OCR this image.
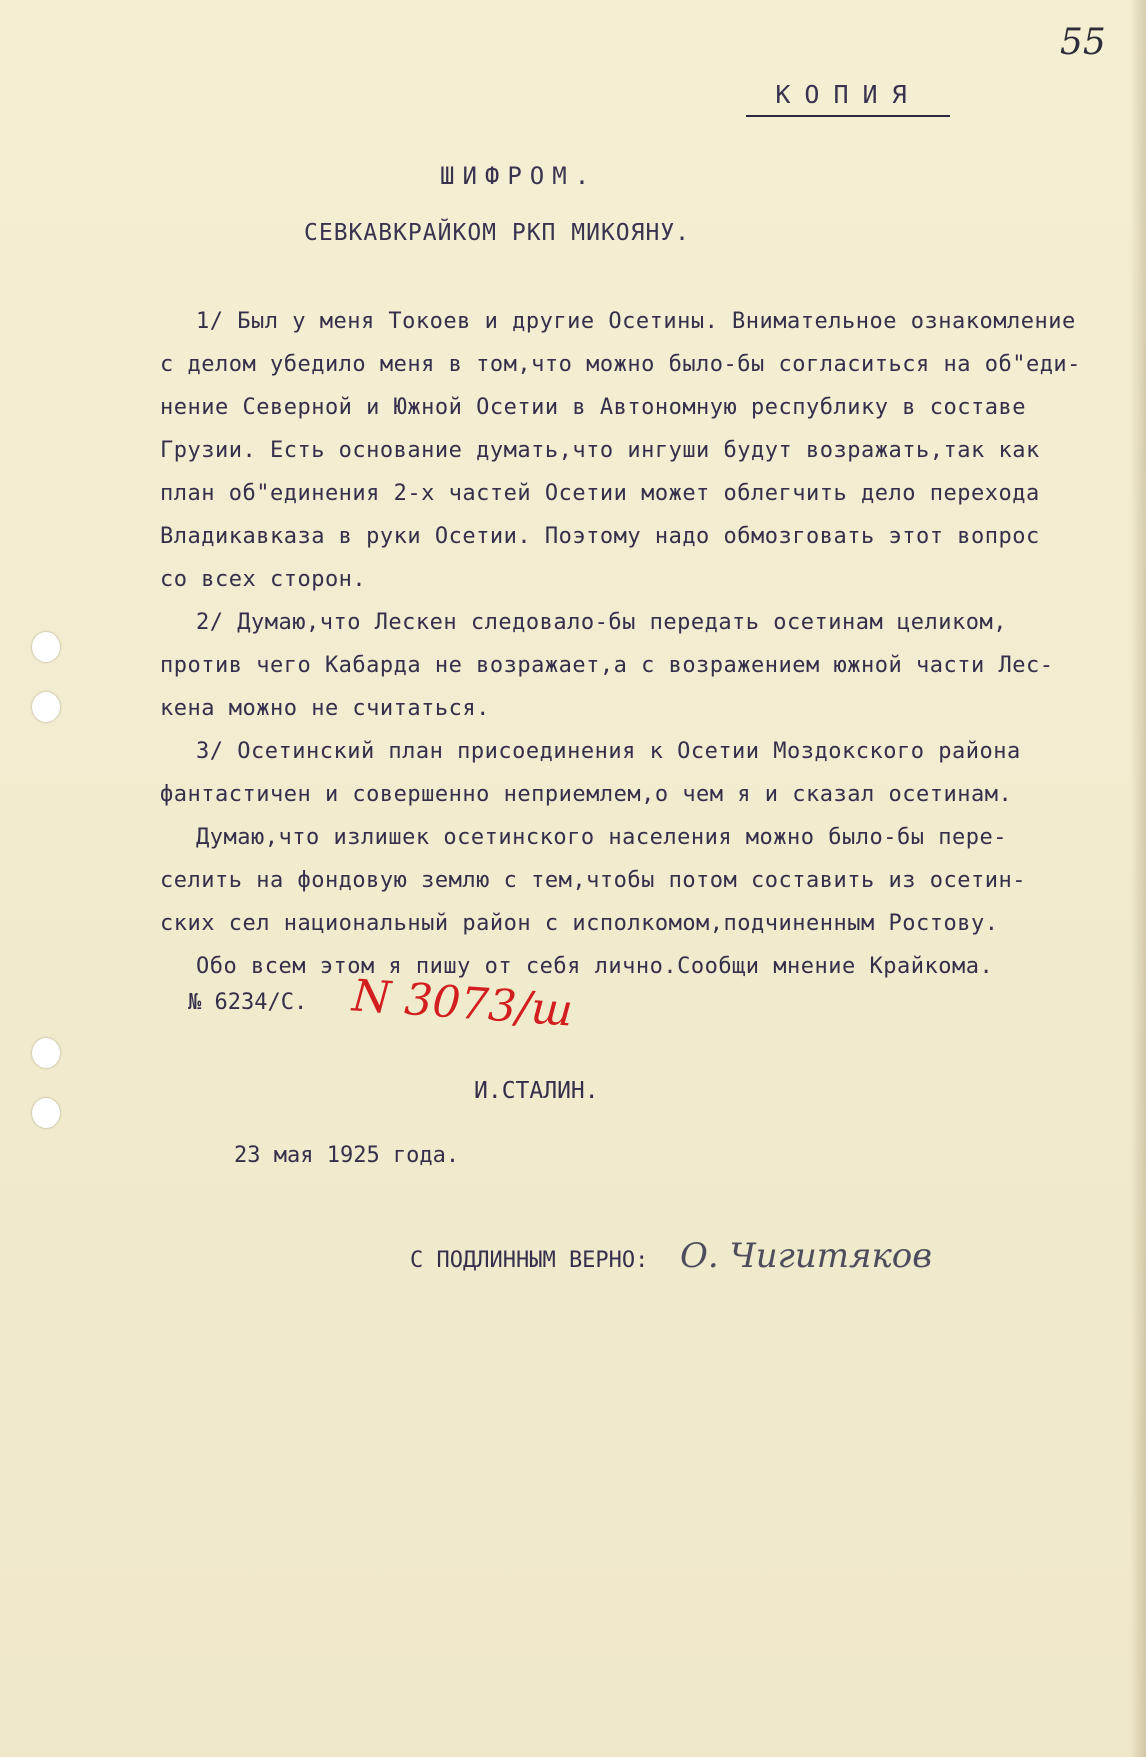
55
КОПИЯ
ШИФРОМ.
СЕВКАВКРАЙКОМ РКП МИКОЯНУ.
1/ Был у меня Токоев и другие Осетины. Внимательное ознакомление
с делом убедило меня в том,что можно было-бы согласиться на об"еди-
нение Северной и Южной Осетии в Автономную республику в составе
Грузии. Есть основание думать,что ингуши будут возражать,так как
план об"единения 2-х частей Осетии может облегчить дело перехода
Владикавказа в руки Осетии. Поэтому надо обмозговать этот вопрос
со всех сторон.
2/ Думаю,что Лескен следовало-бы передать осетинам целиком,
против чего Кабарда не возражает,а с возражением южной части Лес-
кена можно не считаться.
3/ Осетинский план присоединения к Осетии Моздокского района
фантастичен и совершенно неприемлем,о чем я и сказал осетинам.
Думаю,что излишек осетинского населения можно было-бы пере-
селить на фондовую землю с тем,чтобы потом составить из осетин-
ских сел национальный район с исполкомом,подчиненным Ростову.
Обо всем этом я пишу от себя лично.Сообщи мнение Крайкома.
№ 6234/С. N 3073/ш
И.СТАЛИН.
23 мая 1925 года.
С ПОДЛИННЫМ ВЕРНО: О. Чигитяков
